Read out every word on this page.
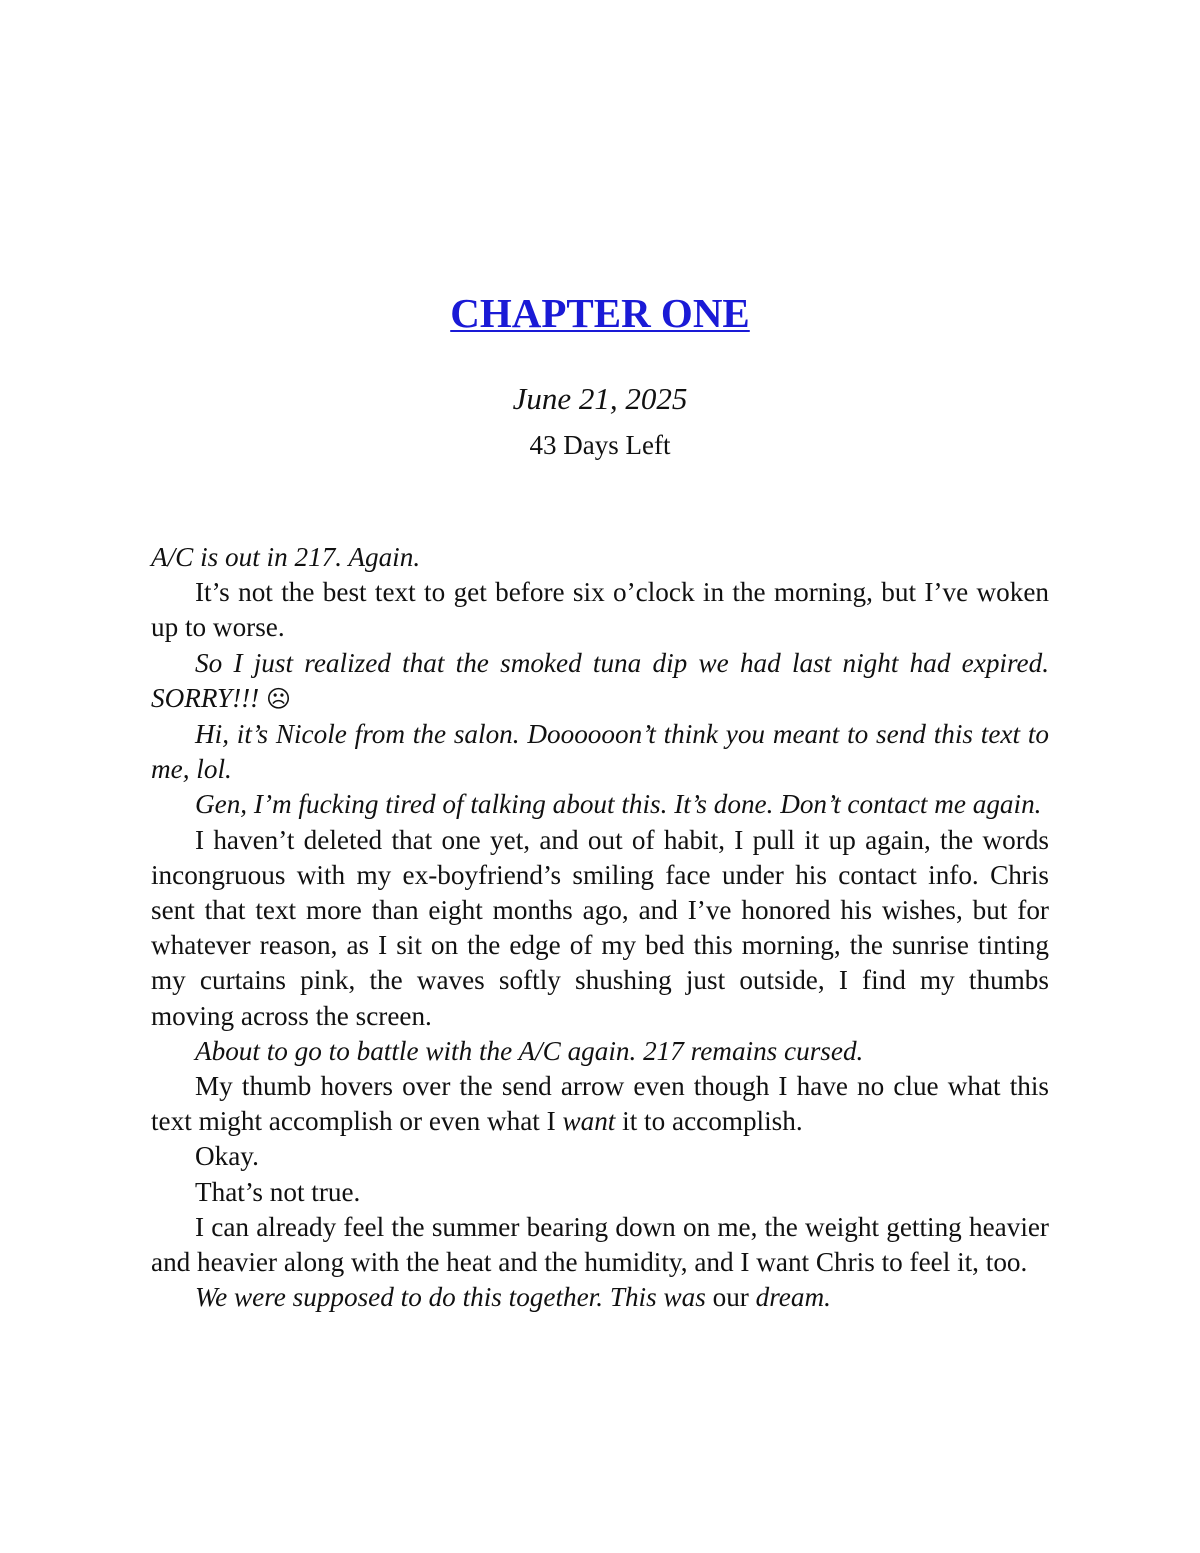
CHAPTER ONE
June 21, 2025
43 Days Left

A/C is out in 217. Again.

It’s not the best text to get before six o’clock in the morning, but I’ve woken up to worse.

So I just realized that the smoked tuna dip we had last night had expired. SORRY!!! ☹

Hi, it’s Nicole from the salon. Doooooon’t think you meant to send this text to me, lol.

Gen, I’m fucking tired of talking about this. It’s done. Don’t contact me again.

I haven’t deleted that one yet, and out of habit, I pull it up again, the words incongruous with my ex-boyfriend’s smiling face under his contact info. Chris sent that text more than eight months ago, and I’ve honored his wishes, but for whatever reason, as I sit on the edge of my bed this morning, the sunrise tinting my curtains pink, the waves softly shushing just outside, I find my thumbs moving across the screen.

About to go to battle with the A/C again. 217 remains cursed.

My thumb hovers over the send arrow even though I have no clue what this text might accomplish or even what I want it to accomplish.

Okay.

That’s not true.

I can already feel the summer bearing down on me, the weight getting heavier and heavier along with the heat and the humidity, and I want Chris to feel it, too.

We were supposed to do this together. This was our dream.
